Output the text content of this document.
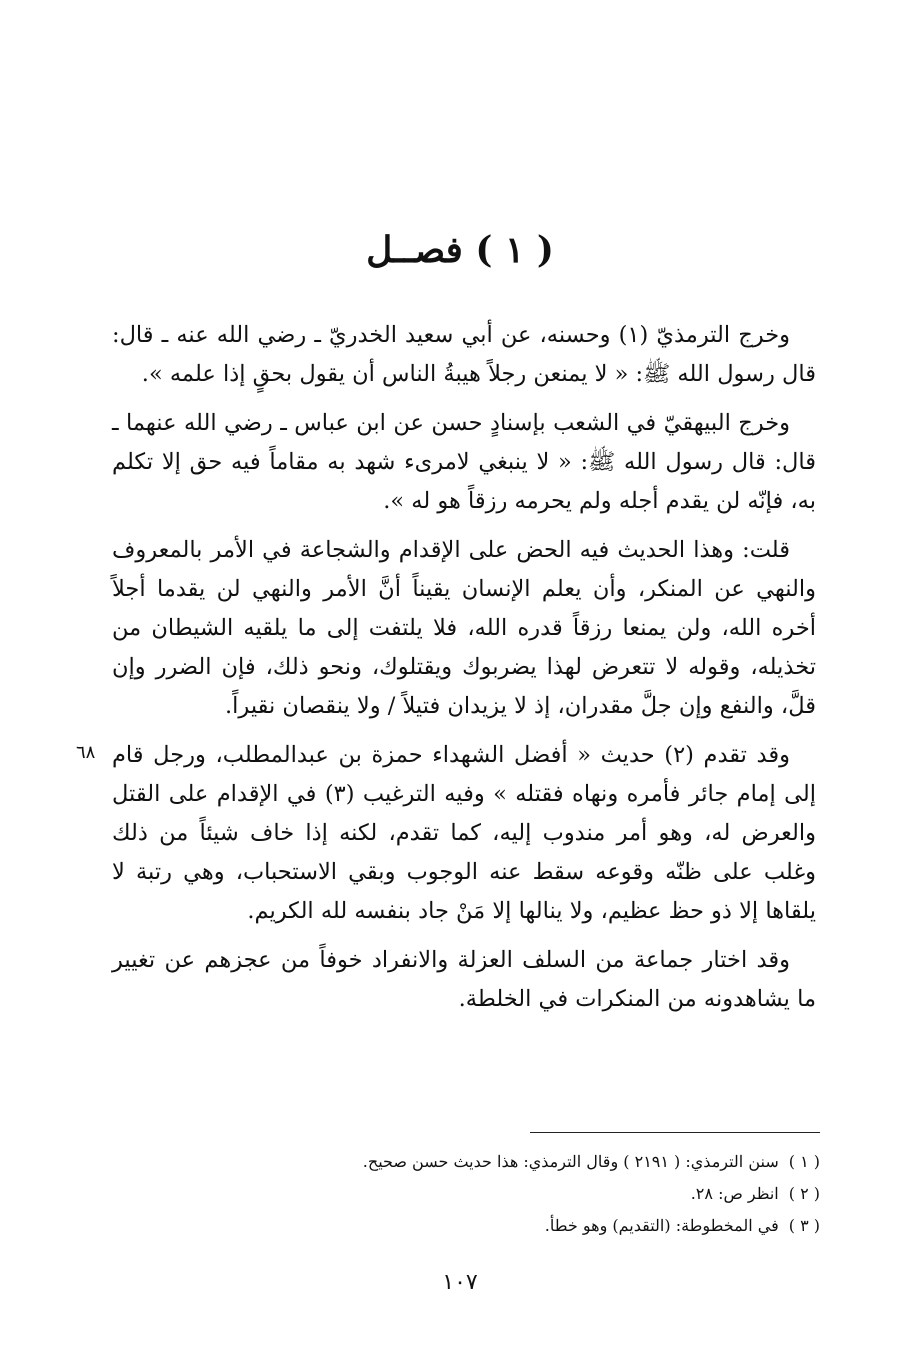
( ١ ) فصــل

وخرج الترمذيّ (١) وحسنه، عن أبي سعيد الخدريّ ـ رضي الله عنه ـ قال: قال رسول الله ﷺ: « لا يمنعن رجلاً هيبةُ الناس أن يقول بحقٍ إذا علمه ».

وخرج البيهقيّ في الشعب بإسنادٍ حسن عن ابن عباس ـ رضي الله عنهما ـ قال: قال رسول الله ﷺ: « لا ينبغي لامرىء شهد به مقاماً فيه حق إلا تكلم به، فإنّه لن يقدم أجله ولم يحرمه رزقاً هو له ».

قلت: وهذا الحديث فيه الحض على الإقدام والشجاعة في الأمر بالمعروف والنهي عن المنكر، وأن يعلم الإنسان يقيناً أنَّ الأمر والنهي لن يقدما أجلاً أخره الله، ولن يمنعا رزقاً قدره الله، فلا يلتفت إلى ما يلقيه الشيطان من تخذيله، وقوله لا تتعرض لهذا يضربوك ويقتلوك، ونحو ذلك، فإن الضرر وإن قلَّ، والنفع وإن جلَّ مقدران، إذ لا يزيدان فتيلاً / ولا ينقصان نقيراً.

وقد تقدم (٢) حديث « أفضل الشهداء حمزة بن عبدالمطلب، ورجل قام إلى إمام جائر فأمره ونهاه فقتله » وفيه الترغيب (٣) في الإقدام على القتل والعرض له، وهو أمر مندوب إليه، كما تقدم، لكنه إذا خاف شيئاً من ذلك وغلب على ظنّه وقوعه سقط عنه الوجوب وبقي الاستحباب، وهي رتبة لا يلقاها إلا ذو حظ عظيم، ولا ينالها إلا مَنْ جاد بنفسه لله الكريم.

وقد اختار جماعة من السلف العزلة والانفراد خوفاً من عجزهم عن تغيير ما يشاهدونه من المنكرات في الخلطة.

٦٨

( ١ )سنن الترمذي: ( ٢١٩١ ) وقال الترمذي: هذا حديث حسن صحيح.

( ٢ )انظر ص: ٢٨.

( ٣ )في المخطوطة: (التقديم) وهو خطأ.

١٠٧
